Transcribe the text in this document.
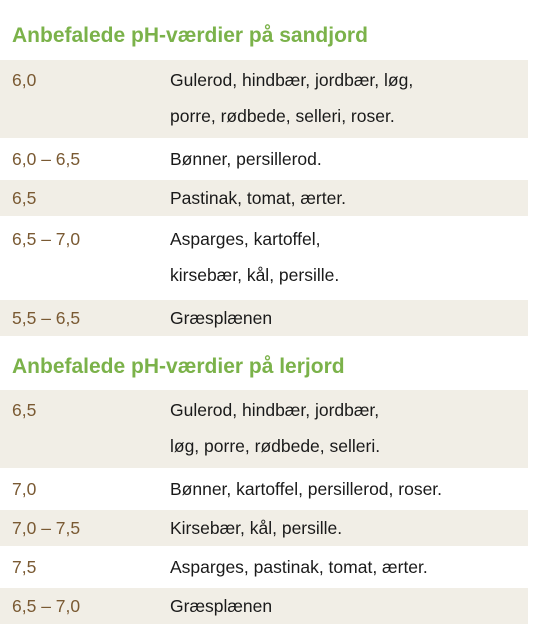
Anbefalede pH-værdier på sandjord
6,0	Gulerod, hindbær, jordbær, løg,
porre, rødbede, selleri, roser.
6,0 – 6,5	Bønner, persillerod.
6,5	Pastinak, tomat, ærter.
6,5 – 7,0	Asparges, kartoffel,
kirsebær, kål, persille.
5,5 – 6,5	Græsplænen
Anbefalede pH-værdier på lerjord
6,5	Gulerod, hindbær, jordbær,
løg, porre, rødbede, selleri.
7,0	Bønner, kartoffel, persillerod, roser.
7,0 – 7,5	Kirsebær, kål, persille.
7,5	Asparges, pastinak, tomat, ærter.
6,5 – 7,0	Græsplænen
